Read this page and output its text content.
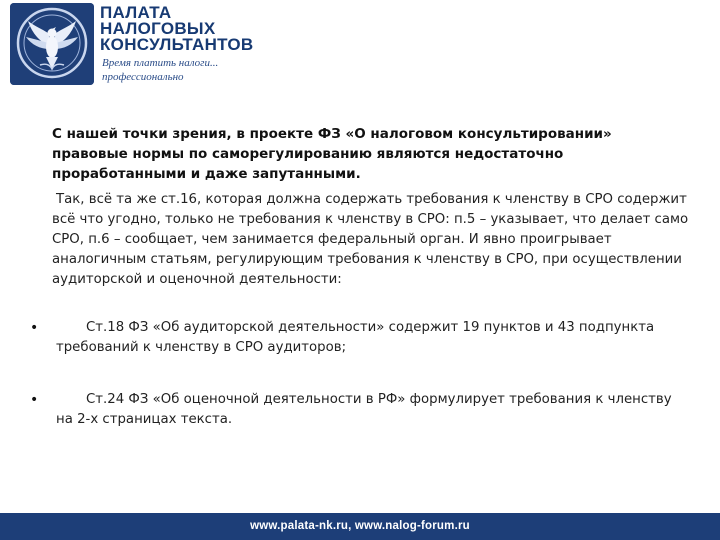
ПАЛАТА
НАЛОГОВЫХ
КОНСУЛЬТАНТОВ
Время платить налоги...
профессионально
С нашей точки зрения, в проекте ФЗ «О налоговом консультировании» правовые нормы по саморегулированию являются недостаточно проработанными и даже запутанными.
Так, всё та же ст.16, которая должна содержать требования к членству в СРО содержит всё что угодно, только не требования к членству в СРО: п.5 – указывает, что делает само СРО, п.6 – сообщает, чем занимается федеральный орган. И явно проигрывает аналогичным статьям, регулирующим требования к членству в СРО, при осуществлении аудиторской и оценочной деятельности:
•	Ст.18 ФЗ «Об аудиторской деятельности» содержит 19 пунктов и 43 подпункта требований к членству в СРО аудиторов;
•	Ст.24 ФЗ «Об оценочной деятельности в РФ» формулирует требования к членству на 2-х страницах текста.
www.palata-nk.ru, www.nalog-forum.ru
